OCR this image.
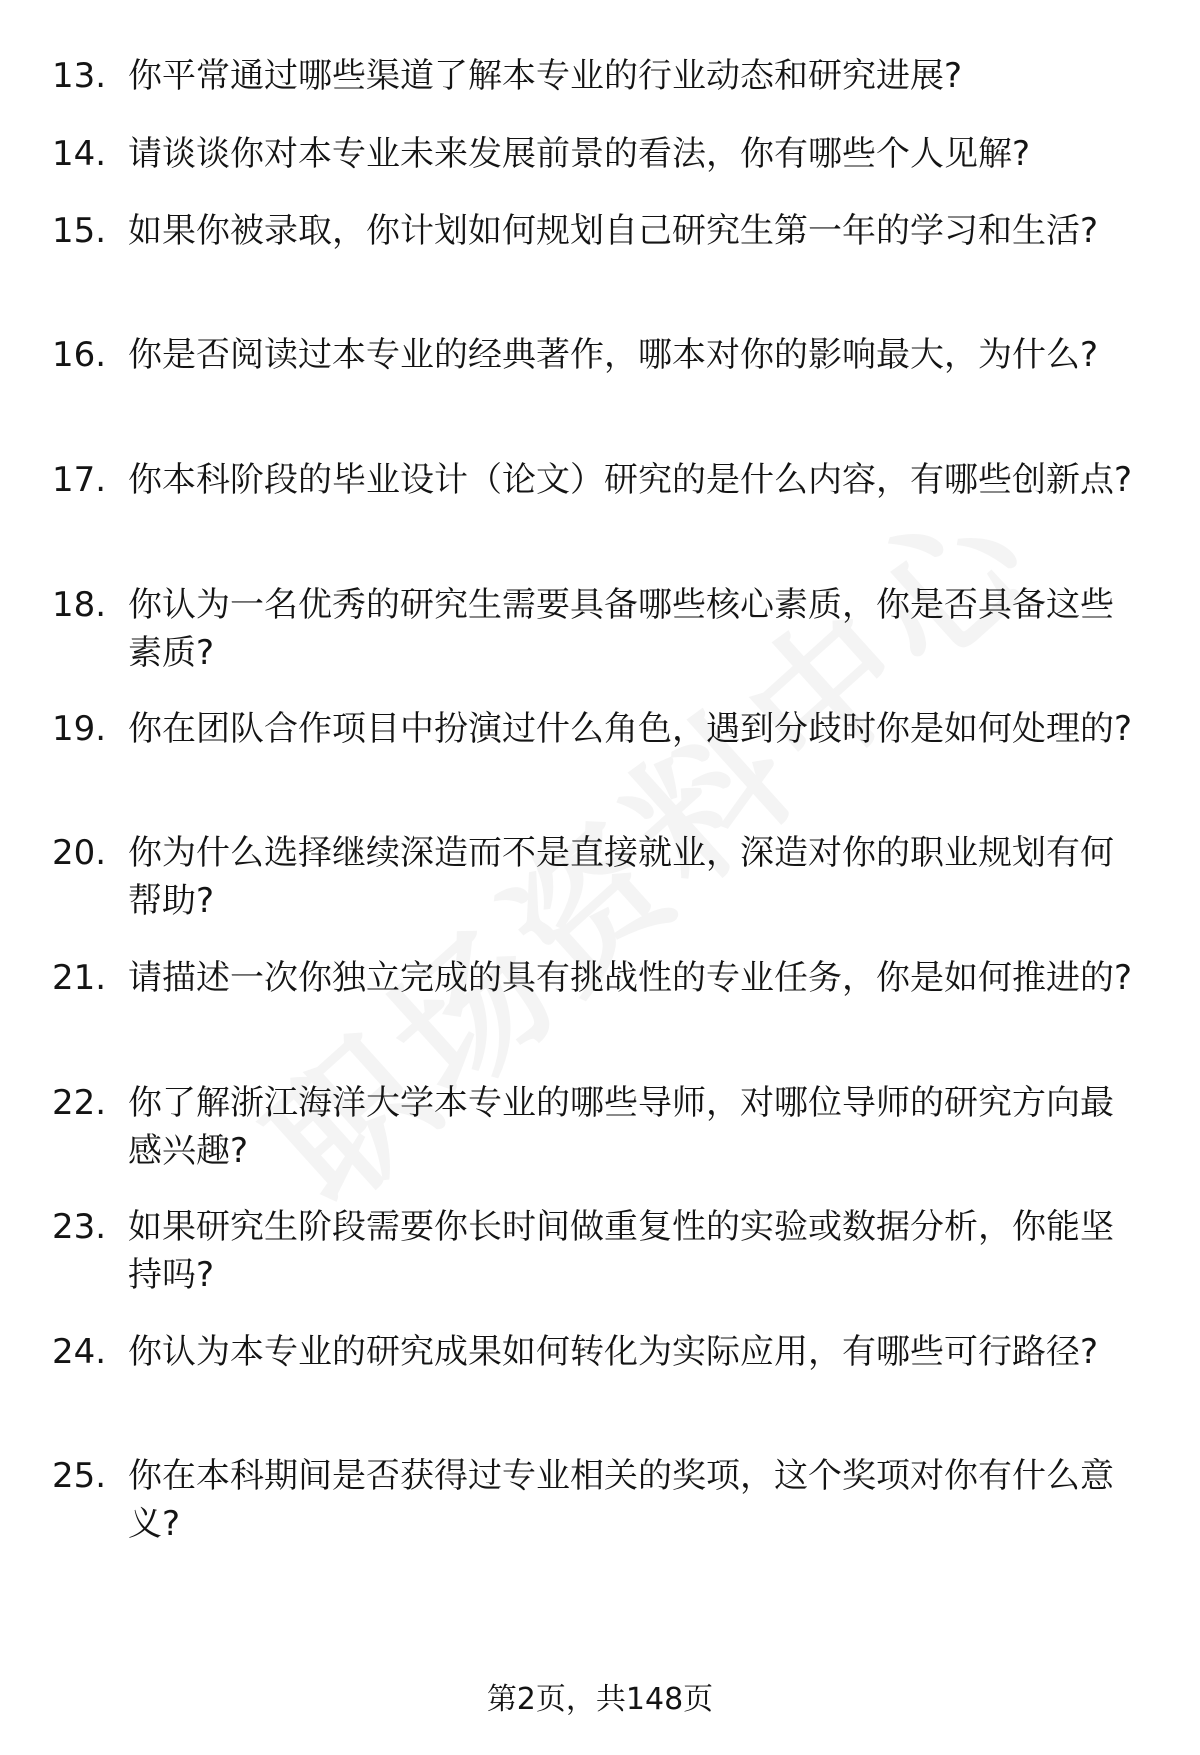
13. 你平常通过哪些渠道了解本专业的行业动态和研究进展?
14. 请谈谈你对本专业未来发展前景的看法，你有哪些个人见解?
15. 如果你被录取，你计划如何规划自己研究生第一年的学习和生活?
16. 你是否阅读过本专业的经典著作，哪本对你的影响最大，为什么?
17. 你本科阶段的毕业设计（论文）研究的是什么内容，有哪些创新点?
18. 你认为一名优秀的研究生需要具备哪些核心素质，你是否具备这些素质?
19. 你在团队合作项目中扮演过什么角色，遇到分歧时你是如何处理的?
20. 你为什么选择继续深造而不是直接就业，深造对你的职业规划有何帮助?
21. 请描述一次你独立完成的具有挑战性的专业任务，你是如何推进的?
22. 你了解浙江海洋大学本专业的哪些导师，对哪位导师的研究方向最感兴趣?
23. 如果研究生阶段需要你长时间做重复性的实验或数据分析，你能坚持吗?
24. 你认为本专业的研究成果如何转化为实际应用，有哪些可行路径?
25. 你在本科期间是否获得过专业相关的奖项，这个奖项对你有什么意义?
第2页，共148页
